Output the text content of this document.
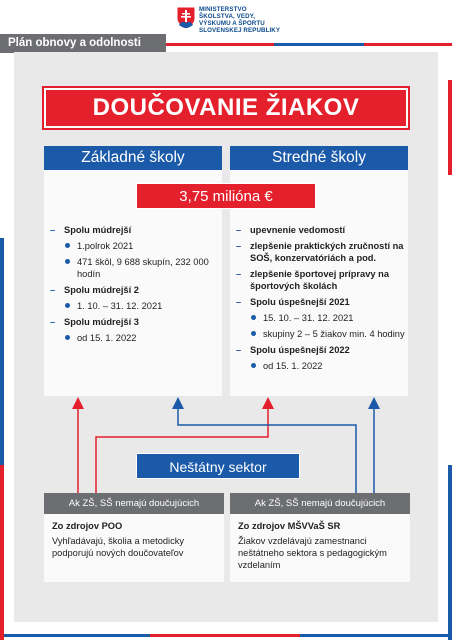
MINISTERSTVO
ŠKOLSTVA, VEDY,
VÝSKUMU A ŠPORTU
SLOVENSKEJ REPUBLIKY
Plán obnovy a odolnosti
DOUČOVANIE ŽIAKOV
Základné školy	Stredné školy
3,75 milióna €
– Spolu múdrejší
1.polrok 2021
471 škôl, 9 688 skupín, 232 000 hodín
– Spolu múdrejší 2
1. 10. – 31. 12. 2021
– Spolu múdrejší 3
od 15. 1. 2022
– upevnenie vedomostí
– zlepšenie praktických zručností na SOŠ, konzervatóriách a pod.
– zlepšenie športovej prípravy na športových školách
– Spolu úspešnejší 2021
15. 10. – 31. 12. 2021
skupiny 2 – 5 žiakov min. 4 hodiny
– Spolu úspešnejší 2022
od 15. 1. 2022
Neštátny sektor
Ak ZŠ, SŠ nemajú doučujúcich	Ak ZŠ, SŠ nemajú doučujúcich
Zo zdrojov POO
Vyhľadávajú, školia a metodicky podporujú nových doučovateľov
Zo zdrojov MŠVVaŠ SR
Žiakov vzdelávajú zamestnanci neštátneho sektora s pedagogickým vzdelaním
